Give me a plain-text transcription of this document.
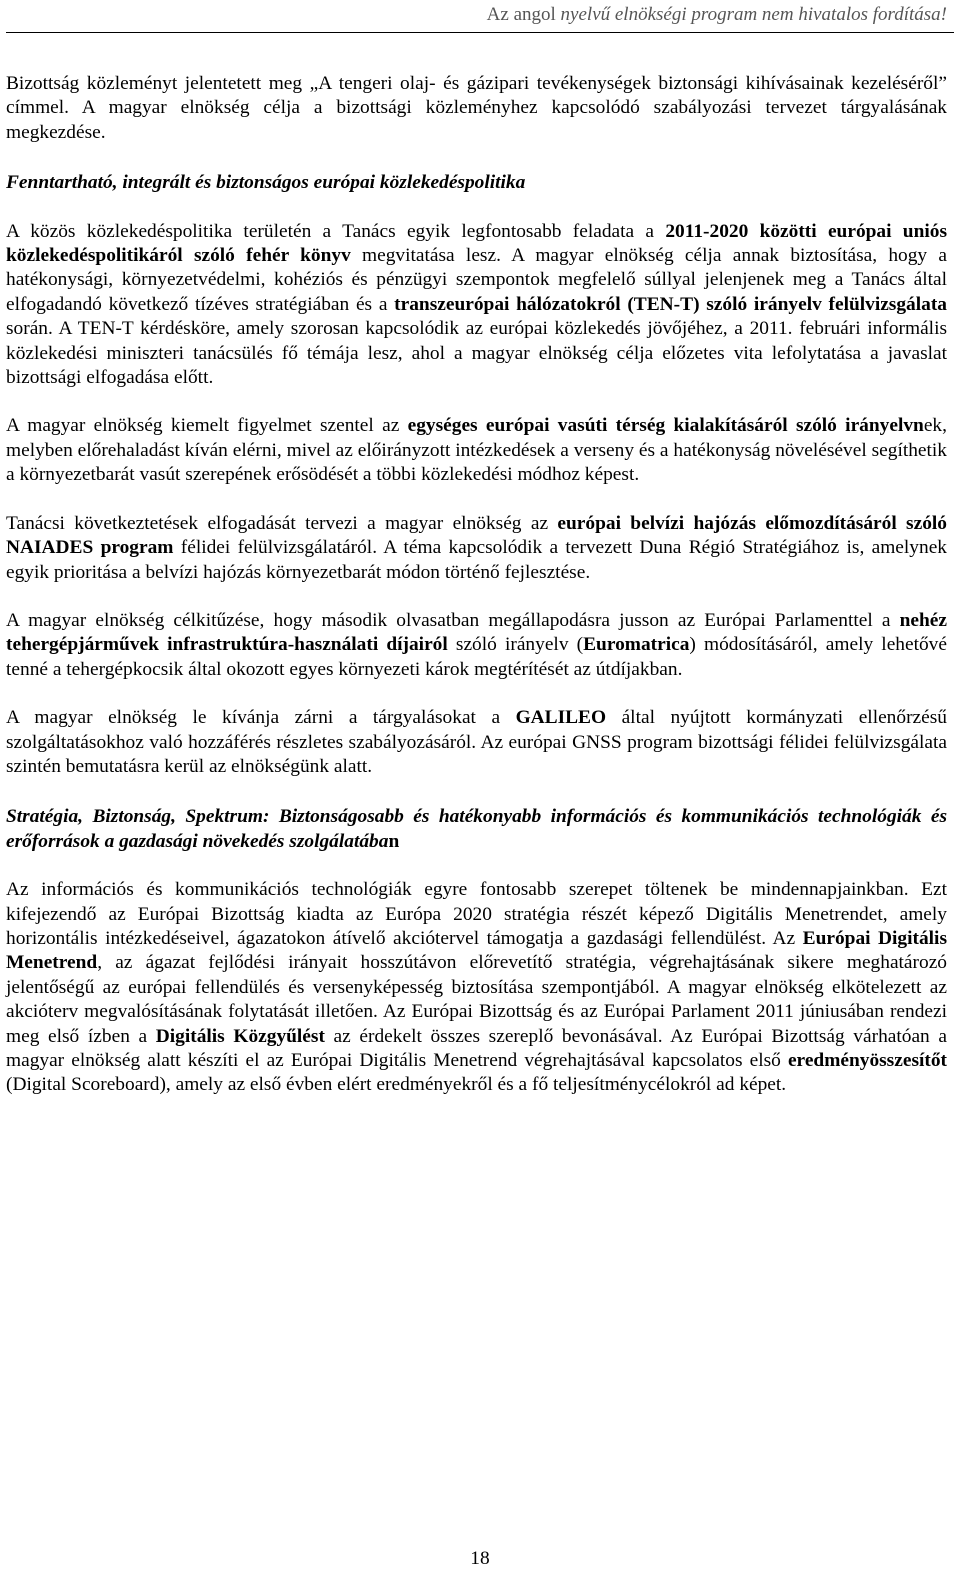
Az angol nyelvű elnökségi program nem hivatalos fordítása!

Bizottság közleményt jelentetett meg „A tengeri olaj- és gázipari tevékenységek biztonsági kihívásainak kezeléséről” címmel. A magyar elnökség célja a bizottsági közleményhez kapcsolódó szabályozási tervezet tárgyalásának megkezdése.

Fenntartható, integrált és biztonságos európai közlekedéspolitika

A közös közlekedéspolitika területén a Tanács egyik legfontosabb feladata a 2011-2020 közötti európai uniós közlekedéspolitikáról szóló fehér könyv megvitatása lesz. A magyar elnökség célja annak biztosítása, hogy a hatékonysági, környezetvédelmi, kohéziós és pénzügyi szempontok megfelelő súllyal jelenjenek meg a Tanács által elfogadandó következő tízéves stratégiában és a transzeurópai hálózatokról (TEN-T) szóló irányelv felülvizsgálata során. A TEN-T kérdésköre, amely szorosan kapcsolódik az európai közlekedés jövőjéhez, a 2011. februári informális közlekedési miniszteri tanácsülés fő témája lesz, ahol a magyar elnökség célja előzetes vita lefolytatása a javaslat bizottsági elfogadása előtt.

A magyar elnökség kiemelt figyelmet szentel az egységes európai vasúti térség kialakításáról szóló irányelvnek, melyben előrehaladást kíván elérni, mivel az előirányzott intézkedések a verseny és a hatékonyság növelésével segíthetik a környezetbarát vasút szerepének erősödését a többi közlekedési módhoz képest.

Tanácsi következtetések elfogadását tervezi a magyar elnökség az európai belvízi hajózás előmozdításáról szóló NAIADES program félidei felülvizsgálatáról. A téma kapcsolódik a tervezett Duna Régió Stratégiához is, amelynek egyik prioritása a belvízi hajózás környezetbarát módon történő fejlesztése.

A magyar elnökség célkitűzése, hogy második olvasatban megállapodásra jusson az Európai Parlamenttel a nehéz tehergépjárművek infrastruktúra-használati díjairól szóló irányelv (Euromatrica) módosításáról, amely lehetővé tenné a tehergépkocsik által okozott egyes környezeti károk megtérítését az útdíjakban.

A magyar elnökség le kívánja zárni a tárgyalásokat a GALILEO által nyújtott kormányzati ellenőrzésű szolgáltatásokhoz való hozzáférés részletes szabályozásáról. Az európai GNSS program bizottsági félidei felülvizsgálata szintén bemutatásra kerül az elnökségünk alatt.

Stratégia, Biztonság, Spektrum: Biztonságosabb és hatékonyabb információs és kommunikációs technológiák és erőforrások a gazdasági növekedés szolgálatában

Az információs és kommunikációs technológiák egyre fontosabb szerepet töltenek be mindennapjainkban. Ezt kifejezendő az Európai Bizottság kiadta az Európa 2020 stratégia részét képező Digitális Menetrendet, amely horizontális intézkedéseivel, ágazatokon átívelő akciótervel támogatja a gazdasági fellendülést. Az Európai Digitális Menetrend, az ágazat fejlődési irányait hosszútávon előrevetítő stratégia, végrehajtásának sikere meghatározó jelentőségű az európai fellendülés és versenyképesség biztosítása szempontjából. A magyar elnökség elkötelezett az akcióterv megvalósításának folytatását illetően. Az Európai Bizottság és az Európai Parlament 2011 júniusában rendezi meg első ízben a Digitális Közgyűlést az érdekelt összes szereplő bevonásával. Az Európai Bizottság várhatóan a magyar elnökség alatt készíti el az Európai Digitális Menetrend végrehajtásával kapcsolatos első eredményösszesítőt (Digital Scoreboard), amely az első évben elért eredményekről és a fő teljesítménycélokról ad képet.

18
